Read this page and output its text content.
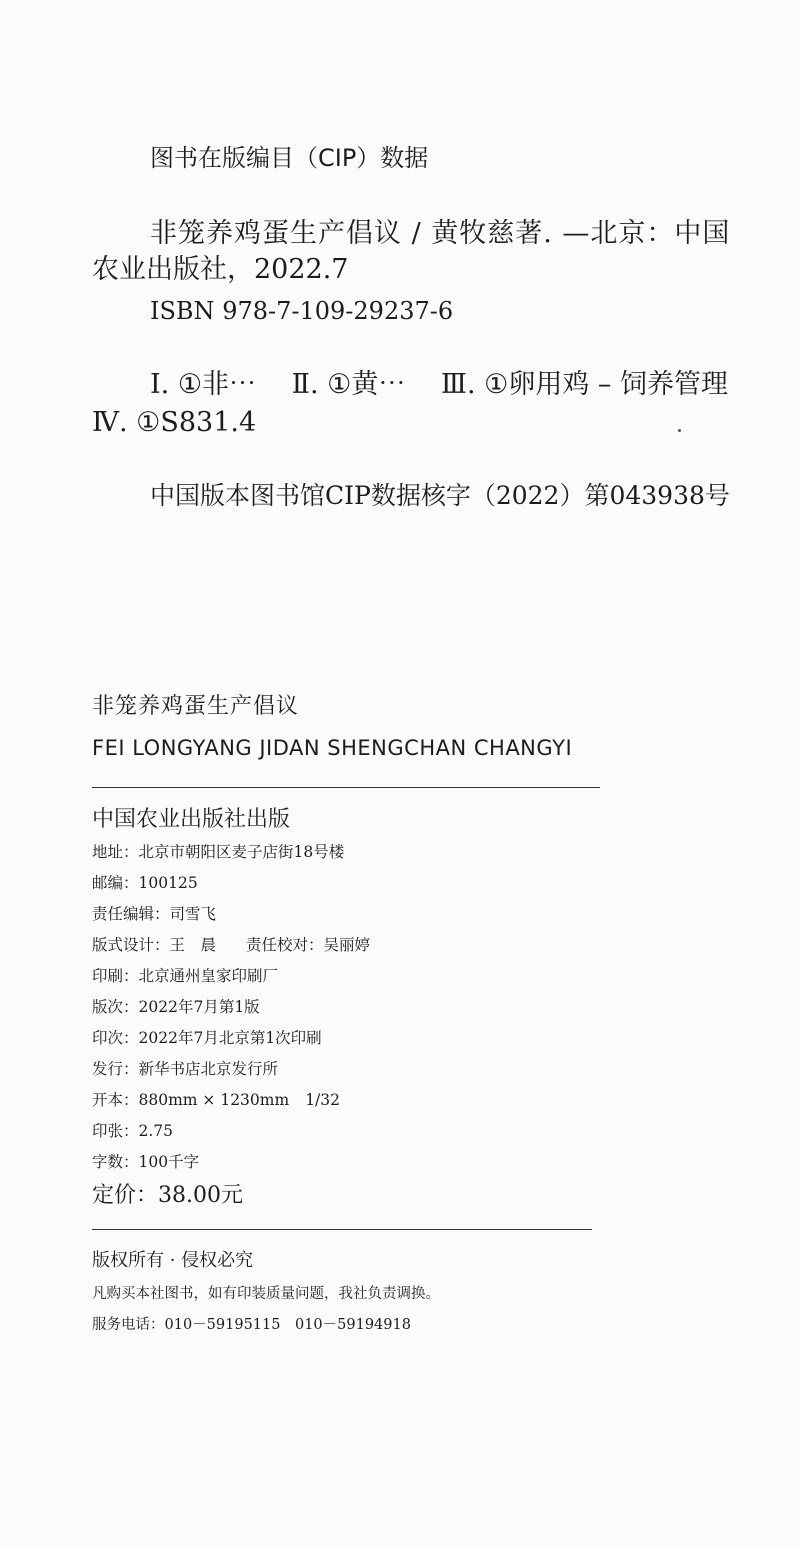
图书在版编目（CIP）数据
非笼养鸡蛋生产倡议 / 黄牧慈著. —北京：中国
农业出版社，2022.7
ISBN 978-7-109-29237-6
Ⅰ. ①非⋯　 Ⅱ. ①黄⋯　 Ⅲ. ①卵用鸡 – 饲养管理
Ⅳ. ①S831.4
中国版本图书馆CIP数据核字（2022）第043938号
非笼养鸡蛋生产倡议
FEI LONGYANG JIDAN SHENGCHAN CHANGYI
中国农业出版社出版
地址：北京市朝阳区麦子店街18号楼
邮编：100125
责任编辑：司雪飞
版式设计：王　晨 责任校对：吴丽婷
印刷：北京通州皇家印刷厂
版次：2022年7月第1版
印次：2022年7月北京第1次印刷
发行：新华书店北京发行所
开本：880mm × 1230mm 1/32
印张：2.75
字数：100千字
定价：38.00元
版权所有 · 侵权必究
凡购买本社图书，如有印装质量问题，我社负责调换。
服务电话：010－59195115　010－59194918
